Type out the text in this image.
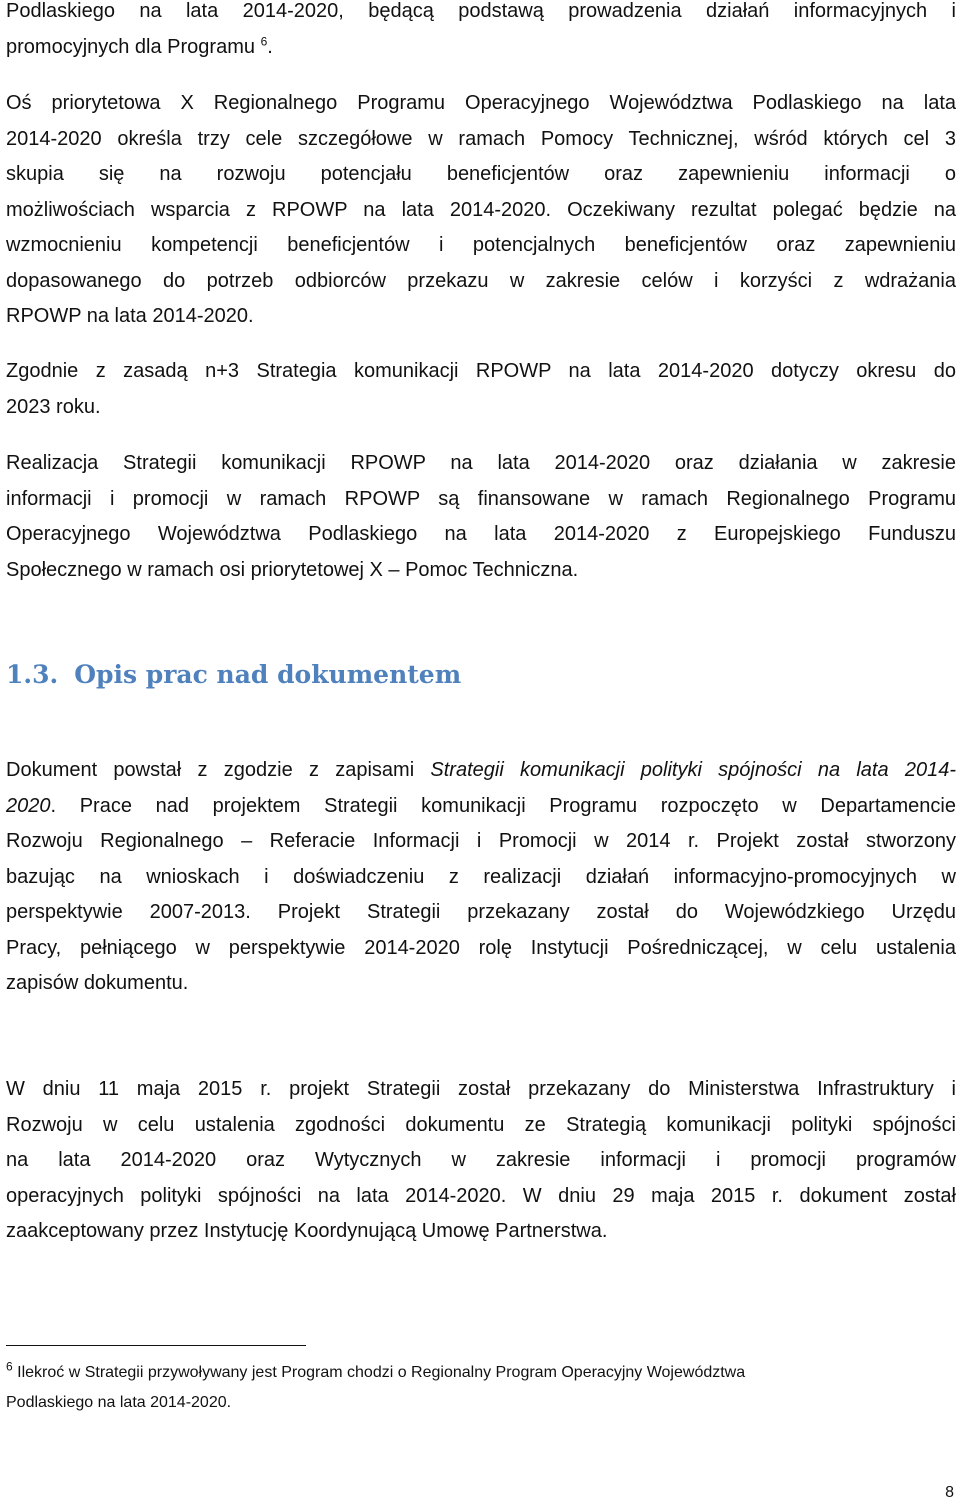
Podlaskiego na lata 2014-2020, będącą podstawą prowadzenia działań informacyjnych i
promocyjnych dla Programu $^6$.

Oś priorytetowa X Regionalnego Programu Operacyjnego Województwa Podlaskiego na lata
2014-2020 określa trzy cele szczegółowe w ramach Pomocy Technicznej, wśród których cel 3
skupia się na rozwoju potencjału beneficjentów oraz zapewnieniu informacji o
możliwościach wsparcia z RPOWP na lata 2014-2020. Oczekiwany rezultat polegać będzie na
wzmocnieniu kompetencji beneficjentów i potencjalnych beneficjentów oraz zapewnieniu
dopasowanego do potrzeb odbiorców przekazu w zakresie celów i korzyści z wdrażania
RPOWP na lata 2014-2020.

Zgodnie z zasadą n+3 Strategia komunikacji RPOWP na lata 2014-2020 dotyczy okresu do
2023 roku.

Realizacja Strategii komunikacji RPOWP na lata 2014-2020 oraz działania w zakresie
informacji i promocji w ramach RPOWP są finansowane w ramach Regionalnego Programu
Operacyjnego Województwa Podlaskiego na lata 2014-2020 z Europejskiego Funduszu
Społecznego w ramach osi priorytetowej X – Pomoc Techniczna.

1.3. Opis prac nad dokumentem

Dokument powstał z zgodzie z zapisami Strategii komunikacji polityki spójności na lata 2014-
2020. Prace nad projektem Strategii komunikacji Programu rozpoczęto w Departamencie
Rozwoju Regionalnego – Referacie Informacji i Promocji w 2014 r. Projekt został stworzony
bazując na wnioskach i doświadczeniu z realizacji działań informacyjno-promocyjnych w
perspektywie 2007-2013. Projekt Strategii przekazany został do Wojewódzkiego Urzędu
Pracy, pełniącego w perspektywie 2014-2020 rolę Instytucji Pośredniczącej, w celu ustalenia
zapisów dokumentu.

W dniu 11 maja 2015 r. projekt Strategii został przekazany do Ministerstwa Infrastruktury i
Rozwoju w celu ustalenia zgodności dokumentu ze Strategią komunikacji polityki spójności
na lata 2014-2020 oraz Wytycznych w zakresie informacji i promocji programów
operacyjnych polityki spójności na lata 2014-2020. W dniu 29 maja 2015 r. dokument został
zaakceptowany przez Instytucję Koordynującą Umowę Partnerstwa.

$^6$ Ilekroć w Strategii przywoływany jest Program chodzi o Regionalny Program Operacyjny Województwa
Podlaskiego na lata 2014-2020.

8
